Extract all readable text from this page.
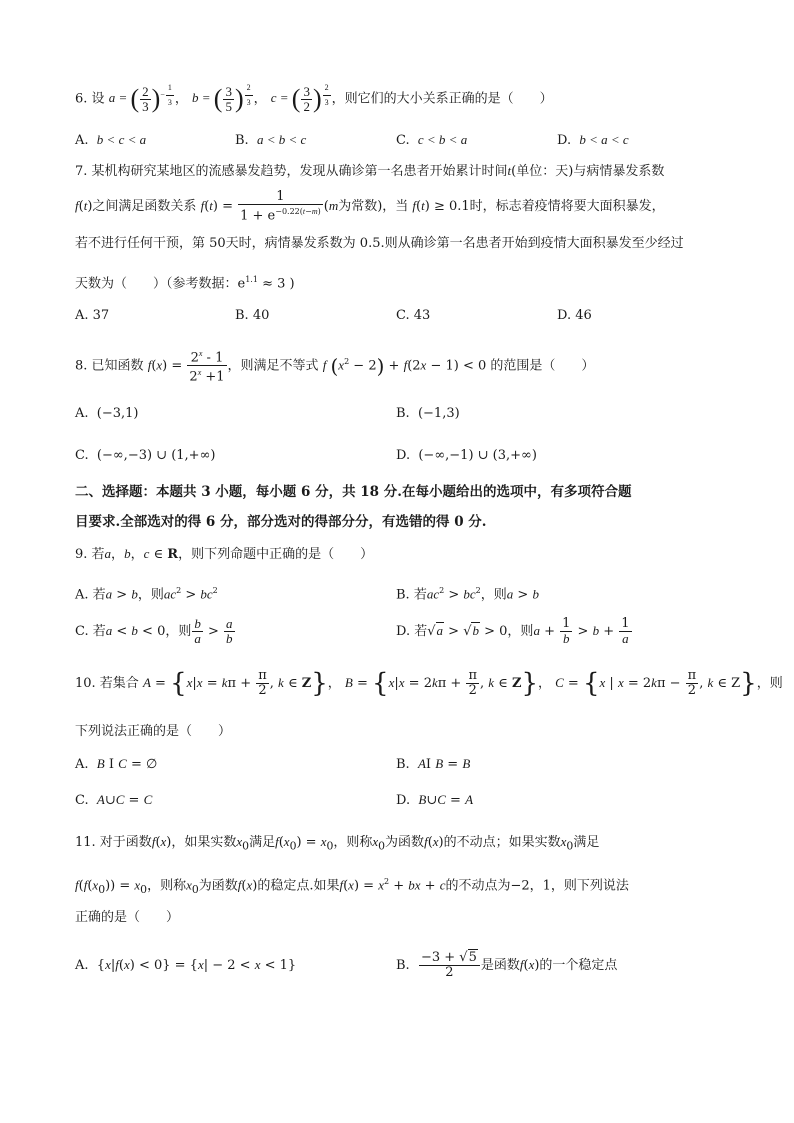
6. 设 a = ( $\frac{2}{3} )^{- \frac{1}{3}}$ ， b = ( $\frac{3}{5}$ ) $^{\frac{2}{3}}$ ， c = ( $\frac{3}{2}$ ) $^{\frac{2}{3}}$ ，则它们的大小关系正确的是（　　）
A. b < c < a	B. a < b < c	C. c < b < a	D. b < a < c
7. 某机构研究某地区的流感暴发趋势，发现从确诊第一名患者开始累计时间t(单位：天)与病情暴发系数
f(t)之间满足函数关系 $f(t) = \frac{1}{1 + e^{-0.22(t-m)}} (m$为常数)，当 f(t) ≥ 0.1时，标志着疫情将要大面积暴发，
若不进行任何干预，第 50天时，病情暴发系数为 0.5.则从确诊第一名患者开始到疫情大面积暴发至少经过
天数为（　　）（参考数据：$e^{1.1} \approx 3$ )
A. 37	B. 40	C. 43	D. 46
8. 已知函数 $f(x) = \frac{2^x - 1}{2^x +1}$ ，则满足不等式 f $(x^2 - 2) + f(2x - 1) < 0$ 的范围是（　　）
A.  (−3,1)	B.  (−1,3)
C.  (−∞,−3) ∪ (1,+∞)	D.  (−∞,−1) ∪ (3,+∞)
二、选择题：本题共 3 小题，每小题 6 分，共 18 分.在每小题给出的选项中，有多项符合题
目要求.全部选对的得 6 分，部分选对的得部分分，有选错的得 0 分.
9. 若a，b，c ∈ R，则下列命题中正确的是（　　）
A. 若a > b，则$ac^2 > bc^2$	B. 若$ac^2 > bc^2$，则a > b
C. 若a < b < 0，则 $\frac{b}{a} > \frac{a}{b}$	D. 若√a > √b > 0，则$a + \frac{1}{b} > b + \frac{1}{a}$
10. 若集合 $A = \{x|x = k\pi + \frac{\pi}{2}$ , k ∈ Z}， $B = \{x|x = 2k\pi + \frac{\pi}{2}$ , k ∈ Z}， C = {x | $x = 2k\pi - \frac{\pi}{2}$ , k ∈ Z}，则
下列说法正确的是（　　）
A. B I C = ∅	B. AI B = B
C. A∪C = C	D. B∪C = A
11. 对于函数f(x)，如果实数$x_0$满足$f(x_0) = x_0$，则称$x_0$为函数f(x)的不动点；如果实数$x_0$满足
$f(f(x_0)) = x_0$，则称$x_0$为函数f(x)的稳定点.如果$f(x) = x^2$ + bx + c的不动点为−2，1，则下列说法
正确的是（　　）
A.  {x|f(x) < 0} = {x| − 2 < x < 1}	B. $\frac{-3 + √5}{2}$ 是函数f(x)的一个稳定点
